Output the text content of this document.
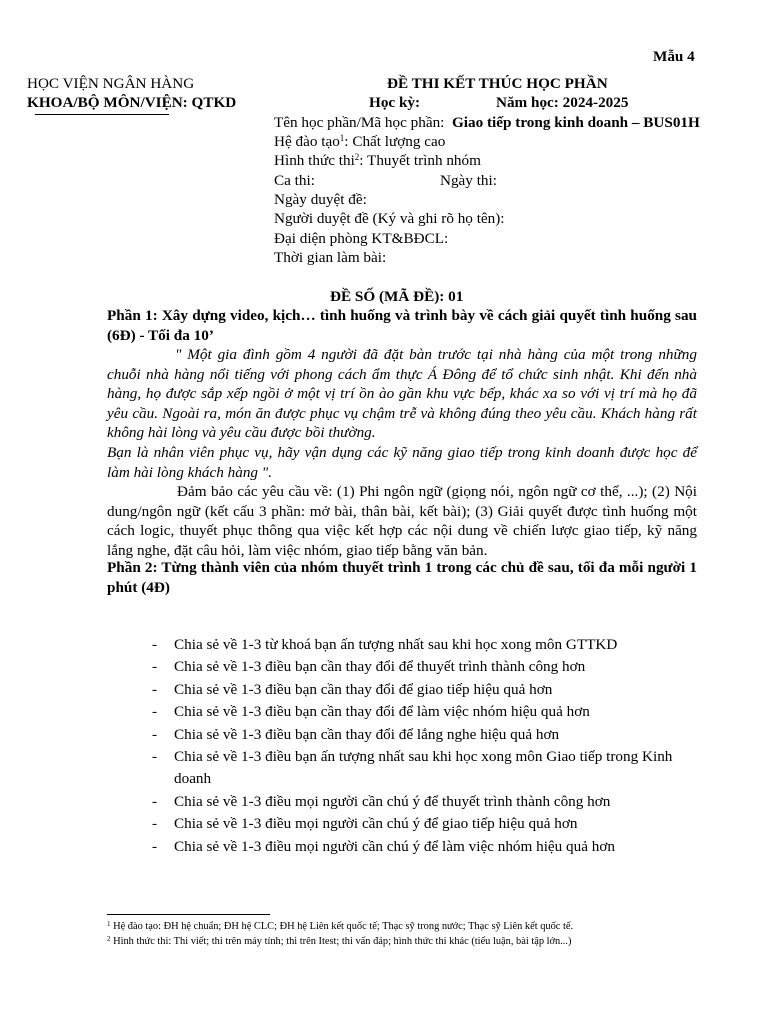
Mẫu 4
HỌC VIỆN NGÂN HÀNG
KHOA/BỘ MÔN/VIỆN: QTKD
ĐỀ THI KẾT THÚC HỌC PHẦN
Học kỳ:	Năm học: 2024-2025
Tên học phần/Mã học phần: Giao tiếp trong kinh doanh – BUS01H
Hệ đào tạo$^1$: Chất lượng cao
Hình thức thi$^2$: Thuyết trình nhóm
Ca thi:	Ngày thi:
Ngày duyệt đề:
Người duyệt đề (Ký và ghi rõ họ tên):
Đại diện phòng KT&BĐCL:
Thời gian làm bài:
ĐỀ SỐ (MÃ ĐỀ): 01
Phần 1: Xây dựng video, kịch… tình huống và trình bày về cách giải quyết tình huống sau (6Đ) - Tối đa 10’
" Một gia đình gồm 4 người đã đặt bàn trước tại nhà hàng của một trong những chuỗi nhà hàng nổi tiếng với phong cách ẩm thực Á Đông để tổ chức sinh nhật. Khi đến nhà hàng, họ được sắp xếp ngồi ở một vị trí ồn ào gần khu vực bếp, khác xa so với vị trí mà họ đã yêu cầu. Ngoài ra, món ăn được phục vụ chậm trễ và không đúng theo yêu cầu. Khách hàng rất không hài lòng và yêu cầu được bồi thường.
Bạn là nhân viên phục vụ, hãy vận dụng các kỹ năng giao tiếp trong kinh doanh được học để làm hài lòng khách hàng ".
Đảm bảo các yêu cầu về: (1) Phi ngôn ngữ (giọng nói, ngôn ngữ cơ thể, ...); (2) Nội dung/ngôn ngữ (kết cấu 3 phần: mở bài, thân bài, kết bài); (3) Giải quyết được tình huống một cách logic, thuyết phục thông qua việc kết hợp các nội dung về chiến lược giao tiếp, kỹ năng lắng nghe, đặt câu hỏi, làm việc nhóm, giao tiếp bằng văn bản.
Phần 2: Từng thành viên của nhóm thuyết trình 1 trong các chủ đề sau, tối đa mỗi người 1 phút (4Đ)
- Chia sẻ về 1-3 từ khoá bạn ấn tượng nhất sau khi học xong môn GTTKD
- Chia sẻ về 1-3 điều bạn cần thay đổi để thuyết trình thành công hơn
- Chia sẻ về 1-3 điều bạn cần thay đổi để giao tiếp hiệu quả hơn
- Chia sẻ về 1-3 điều bạn cần thay đổi để làm việc nhóm hiệu quả hơn
- Chia sẻ về 1-3 điều bạn cần thay đổi để lắng nghe hiệu quả hơn
- Chia sẻ về 1-3 điều bạn ấn tượng nhất sau khi học xong môn Giao tiếp trong Kinh doanh
- Chia sẻ về 1-3 điều mọi người cần chú ý để thuyết trình thành công hơn
- Chia sẻ về 1-3 điều mọi người cần chú ý để giao tiếp hiệu quả hơn
- Chia sẻ về 1-3 điều mọi người cần chú ý để làm việc nhóm hiệu quả hơn
$^1$ Hệ đào tạo: ĐH hệ chuẩn; ĐH hệ CLC; ĐH hệ Liên kết quốc tế; Thạc sỹ trong nước; Thạc sỹ Liên kết quốc tế.
$^2$ Hình thức thi: Thi viết; thi trên máy tính; thi trên Itest; thi vấn đáp; hình thức thi khác (tiểu luận, bài tập lớn...)
